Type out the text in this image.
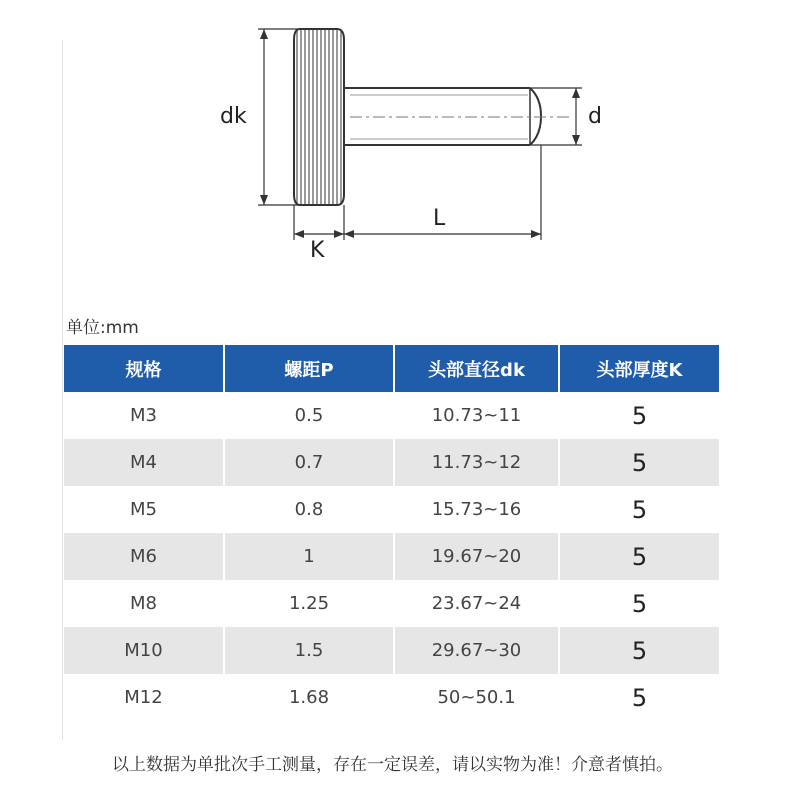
dk	d
K
L
单位:mm
规格	螺距P	头部直径dk	头部厚度K
M3	0.5	10.73~11	5
M4	0.7	11.73~12	5
M5	0.8	15.73~16	5
M6	1	19.67~20	5
M8	1.25	23.67~24	5
M10	1.5	29.67~30	5
M12	1.68	50~50.1	5
以上数据为单批次手工测量，存在一定误差，请以实物为准！介意者慎拍。
